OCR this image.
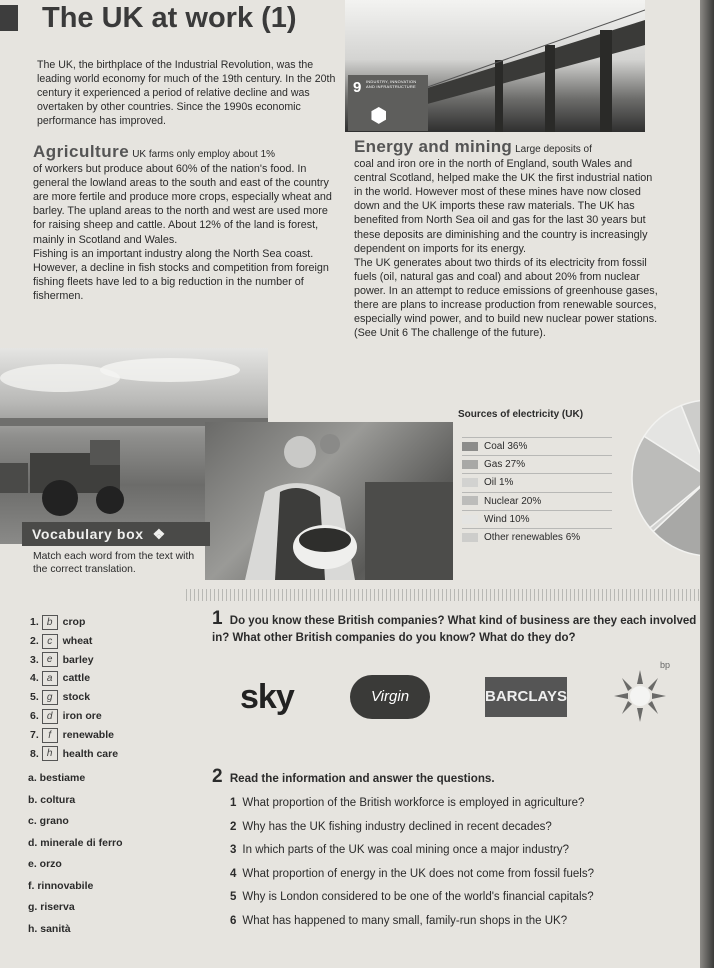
The UK at work (1)
The UK, the birthplace of the Industrial Revolution, was the leading world economy for much of the 19th century. In the 20th century it experienced a period of relative decline and was overtaken by other countries. Since the 1990s economic performance has improved.
9 INDUSTRY, INNOVATION AND INFRASTRUCTURE
⬢

Agriculture UK farms only employ about 1%

of workers but produce about 60% of the nation's food. In general the lowland areas to the south and east of the country are more fertile and produce more crops, especially wheat and barley. The upland areas to the north and west are used more for raising sheep and cattle. About 12% of the land is forest, mainly in Scotland and Wales.

Fishing is an important industry along the North Sea coast. However, a decline in fish stocks and competition from foreign fishing fleets have led to a big reduction in the number of fishermen.

Energy and mining Large deposits of

coal and iron ore in the north of England, south Wales and central Scotland, helped make the UK the first industrial nation in the world. However most of these mines have now closed down and the UK imports these raw materials. The UK has benefited from North Sea oil and gas for the last 30 years but these deposits are diminishing and the country is increasingly dependent on imports for its energy.

The UK generates about two thirds of its electricity from fossil fuels (oil, natural gas and coal) and about 20% from nuclear power. In an attempt to reduce emissions of greenhouse gases, there are plans to increase production from renewable sources, especially wind power, and to build new nuclear power stations. (See Unit 6 The challenge of the future).

Vocabulary box  ❖
Match each word from the text with the correct translation.
Sources of electricity (UK)
Coal 36%
Gas 27%
Oil 1%
Nuclear 20%
Wind 10%
Other renewables 6%
1. b crop
2. c wheat
3. e barley
4. a cattle
5. g stock
6. d iron ore
7. f renewable
8. h health care
a. bestiame
b. coltura
c. grano
d. minerale di ferro
e. orzo
f. rinnovabile
g. riserva
h. sanità
1 Do you know these British companies? What kind of business are they each involved in? What other British companies do you know? What do they do?
sky	Virgin	BARCLAYS
bp
2 Read the information and answer the questions.
1 What proportion of the British workforce is employed in agriculture?
2 Why has the UK fishing industry declined in recent decades?
3 In which parts of the UK was coal mining once a major industry?
4 What proportion of energy in the UK does not come from fossil fuels?
5 Why is London considered to be one of the world's financial capitals?
6 What has happened to many small, family-run shops in the UK?
